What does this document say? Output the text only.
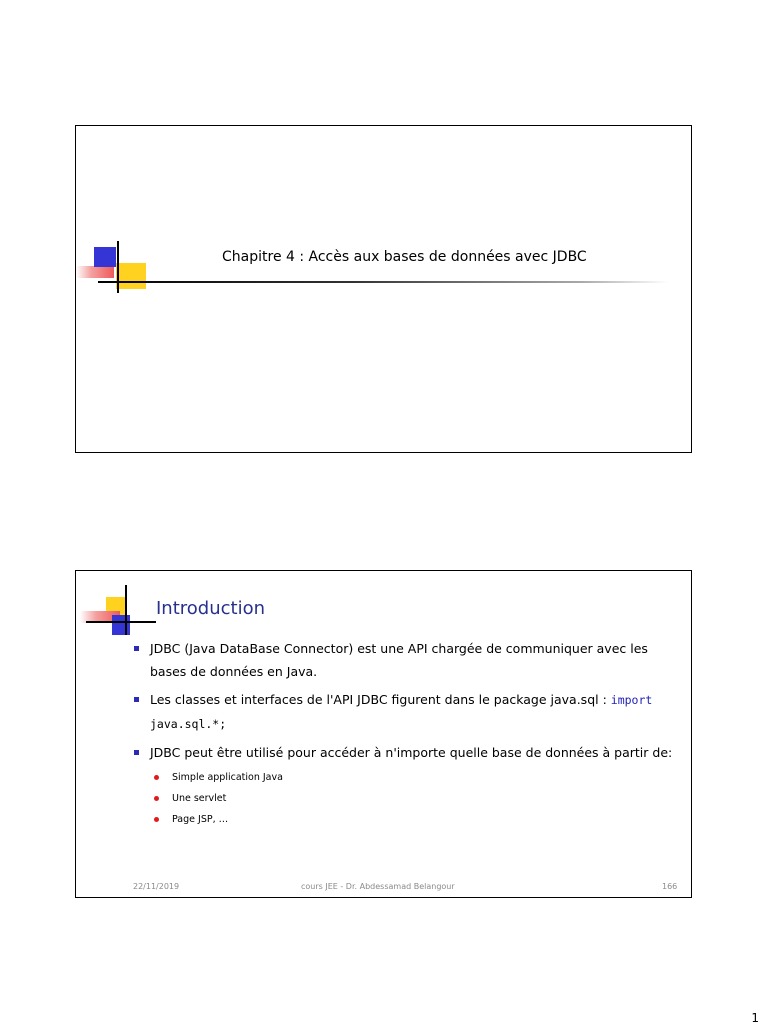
Chapitre 4 : Accès aux bases de données avec JDBC
Introduction
JDBC (Java DataBase Connector) est une API chargée de communiquer avec les bases de données en Java.
Les classes et interfaces de l'API JDBC figurent dans le package java.sql : import
java.sql.*;
JDBC peut être utilisé pour accéder à n'importe quelle base de données à partir de:
Simple application Java
Une servlet
Page JSP, …
22/11/2019	cours JEE - Dr. Abdessamad Belangour	166
1
